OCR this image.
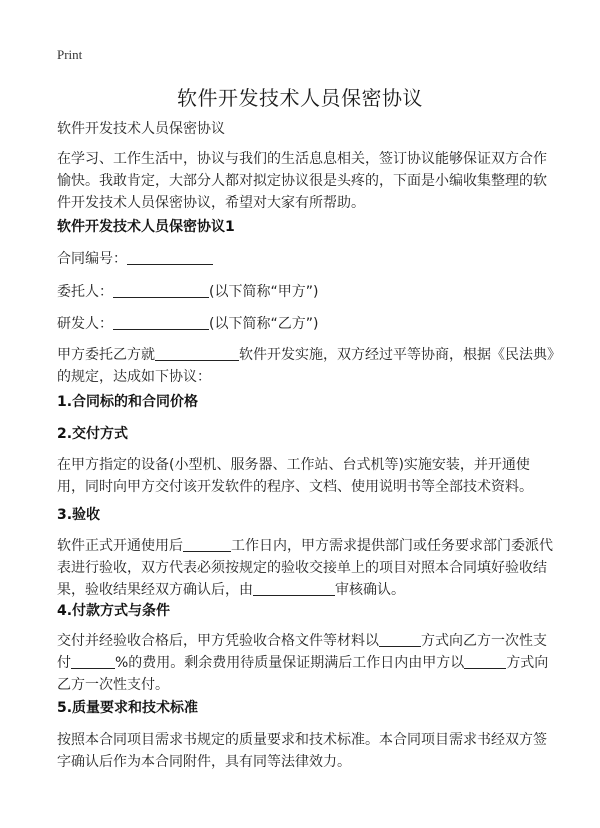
Print
软件开发技术人员保密协议
软件开发技术人员保密协议
在学习、工作生活中，协议与我们的生活息息相关，签订协议能够保证双方合作愉快。我敢肯定，大部分人都对拟定协议很是头疼的，下面是小编收集整理的软件开发技术人员保密协议，希望对大家有所帮助。
软件开发技术人员保密协议1
合同编号：
委托人：	(以下简称“甲方”)
研发人：	(以下简称“乙方”)
甲方委托乙方就	软件开发实施，双方经过平等协商，根据《民法典》的规定，达成如下协议：
1.合同标的和合同价格
2.交付方式
在甲方指定的设备(小型机、服务器、工作站、台式机等)实施安装，并开通使用，同时向甲方交付该开发软件的程序、文档、使用说明书等全部技术资料。
3.验收
软件正式开通使用后	工作日内，甲方需求提供部门或任务要求部门委派代表进行验收，双方代表必须按规定的验收交接单上的项目对照本合同填好验收结果，验收结果经双方确认后，由	审核确认。
4.付款方式与条件
交付并经验收合格后，甲方凭验收合格文件等材料以	方式向乙方一次性支付	%的费用。剩余费用待质量保证期满后工作日内由甲方以	方式向乙方一次性支付。
5.质量要求和技术标准
按照本合同项目需求书规定的质量要求和技术标准。本合同项目需求书经双方签字确认后作为本合同附件，具有同等法律效力。
